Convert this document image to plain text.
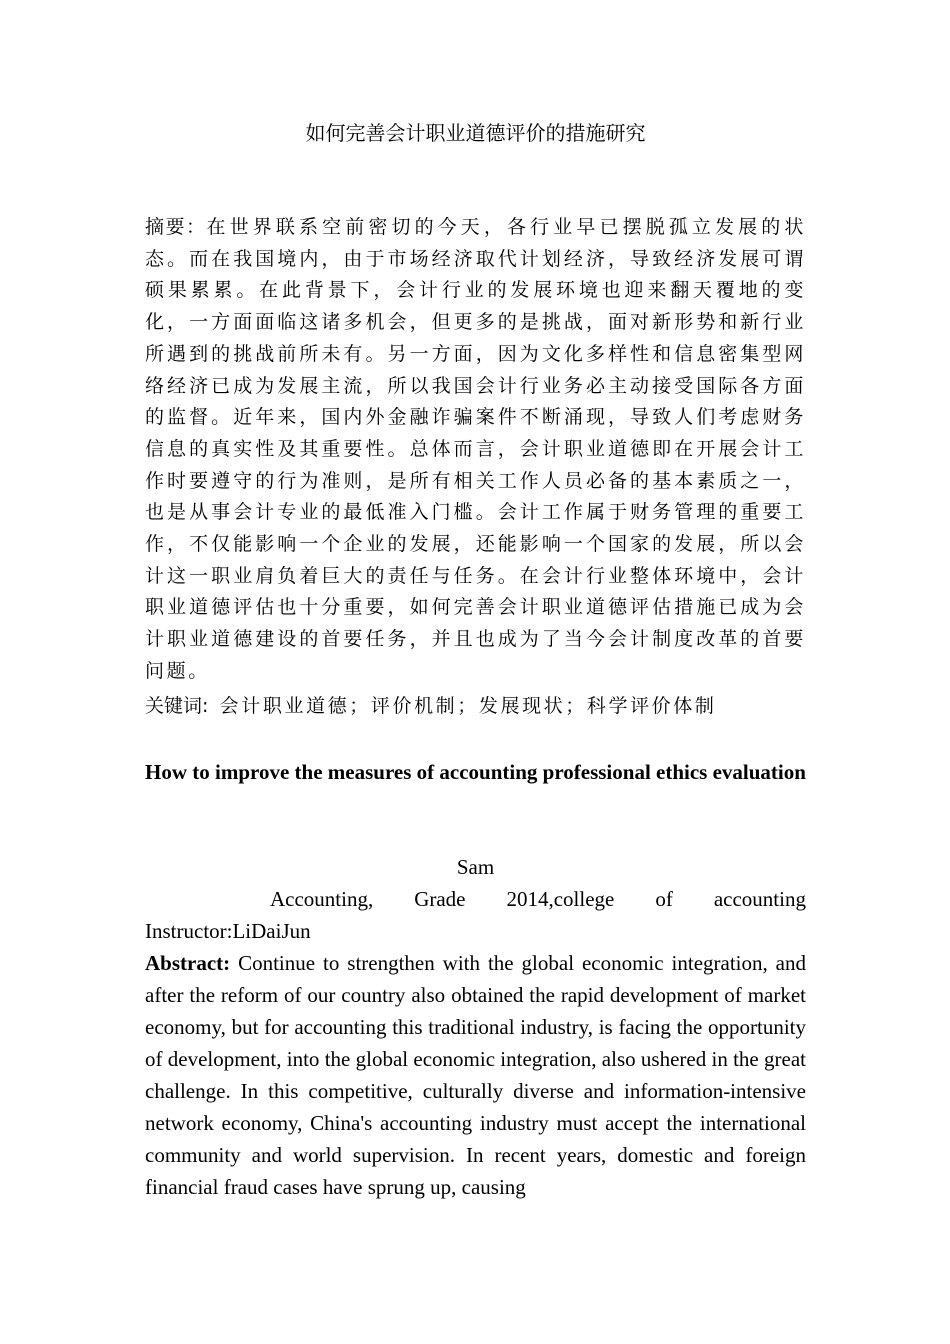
如何完善会计职业道德评价的措施研究

摘要：在世界联系空前密切的今天，各行业早已摆脱孤立发展的状态。而在我国境内，由于市场经济取代计划经济，导致经济发展可谓硕果累累。在此背景下，会计行业的发展环境也迎来翻天覆地的变化，一方面面临这诸多机会，但更多的是挑战，面对新形势和新行业所遇到的挑战前所未有。另一方面，因为文化多样性和信息密集型网络经济已成为发展主流，所以我国会计行业务必主动接受国际各方面的监督。近年来，国内外金融诈骗案件不断涌现，导致人们考虑财务信息的真实性及其重要性。总体而言，会计职业道德即在开展会计工作时要遵守的行为准则，是所有相关工作人员必备的基本素质之一，也是从事会计专业的最低准入门槛。会计工作属于财务管理的重要工作，不仅能影响一个企业的发展，还能影响一个国家的发展，所以会计这一职业肩负着巨大的责任与任务。在会计行业整体环境中，会计职业道德评估也十分重要，如何完善会计职业道德评估措施已成为会计职业道德建设的首要任务，并且也成为了当今会计制度改革的首要问题。

关键词: 会计职业道德；评价机制；发展现状；科学评价体制

How to improve the measures of accounting professional ethics evaluation

Sam

Accounting, Grade 2014,college of accounting
Instructor:LiDaiJun

Abstract: Continue to strengthen with the global economic integration, and after the reform of our country also obtained the rapid development of market economy, but for accounting this traditional industry, is facing the opportunity of development, into the global economic integration, also ushered in the great challenge. In this competitive, culturally diverse and information-intensive network economy, China's accounting industry must accept the international community and world supervision. In recent years, domestic and foreign financial fraud cases have sprung up, causing
